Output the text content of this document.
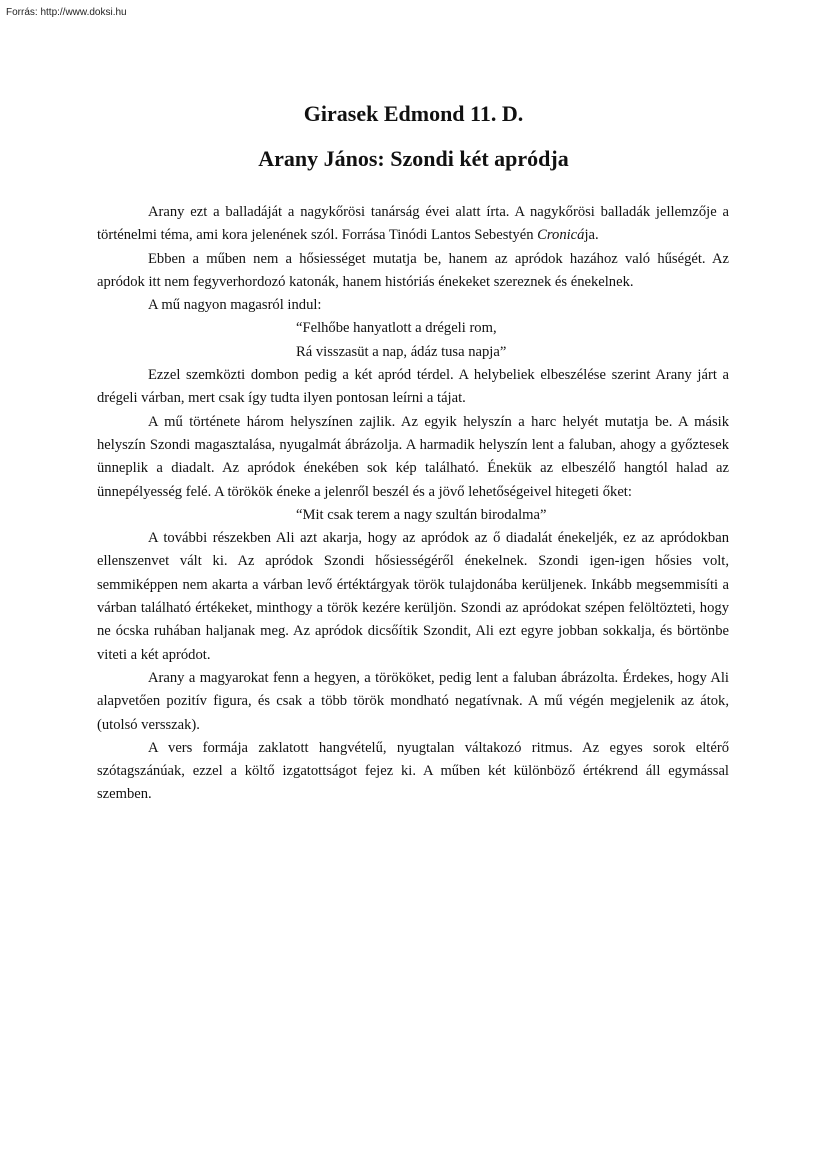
Forrás: http://www.doksi.hu
Girasek Edmond 11. D.
Arany János: Szondi két apródja

Arany ezt a balladáját a nagykőrösi tanárság évei alatt írta. A nagykőrösi balladák jellemzője a történelmi téma, ami kora jelenének szól. Forrása Tinódi Lantos Sebestyén Cronicája.

Ebben a műben nem a hősiességet mutatja be, hanem az apródok hazához való hűségét. Az apródok itt nem fegyverhordozó katonák, hanem históriás énekeket szereznek és énekelnek.

A mű nagyon magasról indul:

“Felhőbe hanyatlott a drégeli rom,

Rá visszasüt a nap, ádáz tusa napja”

Ezzel szemközti dombon pedig a két apród térdel. A helybeliek elbeszélése szerint Arany járt a drégeli várban, mert csak így tudta ilyen pontosan leírni a tájat.

A mű története három helyszínen zajlik. Az egyik helyszín a harc helyét mutatja be. A másik helyszín Szondi magasztalása, nyugalmát ábrázolja. A harmadik helyszín lent a faluban, ahogy a győztesek ünneplik a diadalt. Az apródok énekében sok kép található. Énekük az elbeszélő hangtól halad az ünnepélyesség felé. A törökök éneke a jelenről beszél és a jövő lehetőségeivel hitegeti őket:

“Mit csak terem a nagy szultán birodalma”

A további részekben Ali azt akarja, hogy az apródok az ő diadalát énekeljék, ez az apródokban ellenszenvet vált ki. Az apródok Szondi hősiességéről énekelnek. Szondi igen-igen hősies volt, semmiképpen nem akarta a várban levő értéktárgyak török tulajdonába kerüljenek. Inkább megsemmisíti a várban található értékeket, minthogy a török kezére kerüljön. Szondi az apródokat szépen felöltözteti, hogy ne ócska ruhában haljanak meg. Az apródok dicsőítik Szondit, Ali ezt egyre jobban sokkalja, és börtönbe viteti a két apródot.

Arany a magyarokat fenn a hegyen, a törököket, pedig lent a faluban ábrázolta. Érdekes, hogy Ali alapvetően pozitív figura, és csak a több török mondható negatívnak. A mű végén megjelenik az átok, (utolsó versszak).

A vers formája zaklatott hangvételű, nyugtalan váltakozó ritmus. Az egyes sorok eltérő szótagszánúak, ezzel a költő izgatottságot fejez ki. A műben két különböző értékrend áll egymással szemben.
